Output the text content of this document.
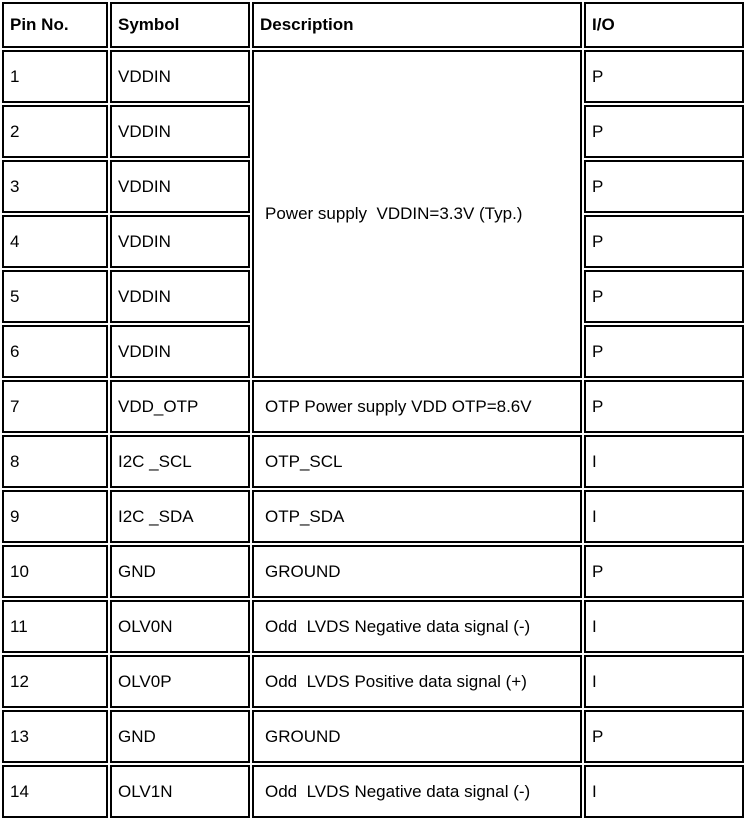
Pin No.	Symbol	Description	I/O
1	VDDIN	Power supply  VDDIN=3.3V (Typ.)	P
2	VDDIN		P
3	VDDIN		P
4	VDDIN		P
5	VDDIN		P
6	VDDIN		P
7	VDD_OTP	OTP Power supply VDD OTP=8.6V	P
8	I2C _SCL	OTP_SCL	I
9	I2C _SDA	OTP_SDA	I
10	GND	GROUND	P
11	OLV0N	Odd  LVDS Negative data signal (-)	I
12	OLV0P	Odd  LVDS Positive data signal (+)	I
13	GND	GROUND	P
14	OLV1N	Odd  LVDS Negative data signal (-)	I
